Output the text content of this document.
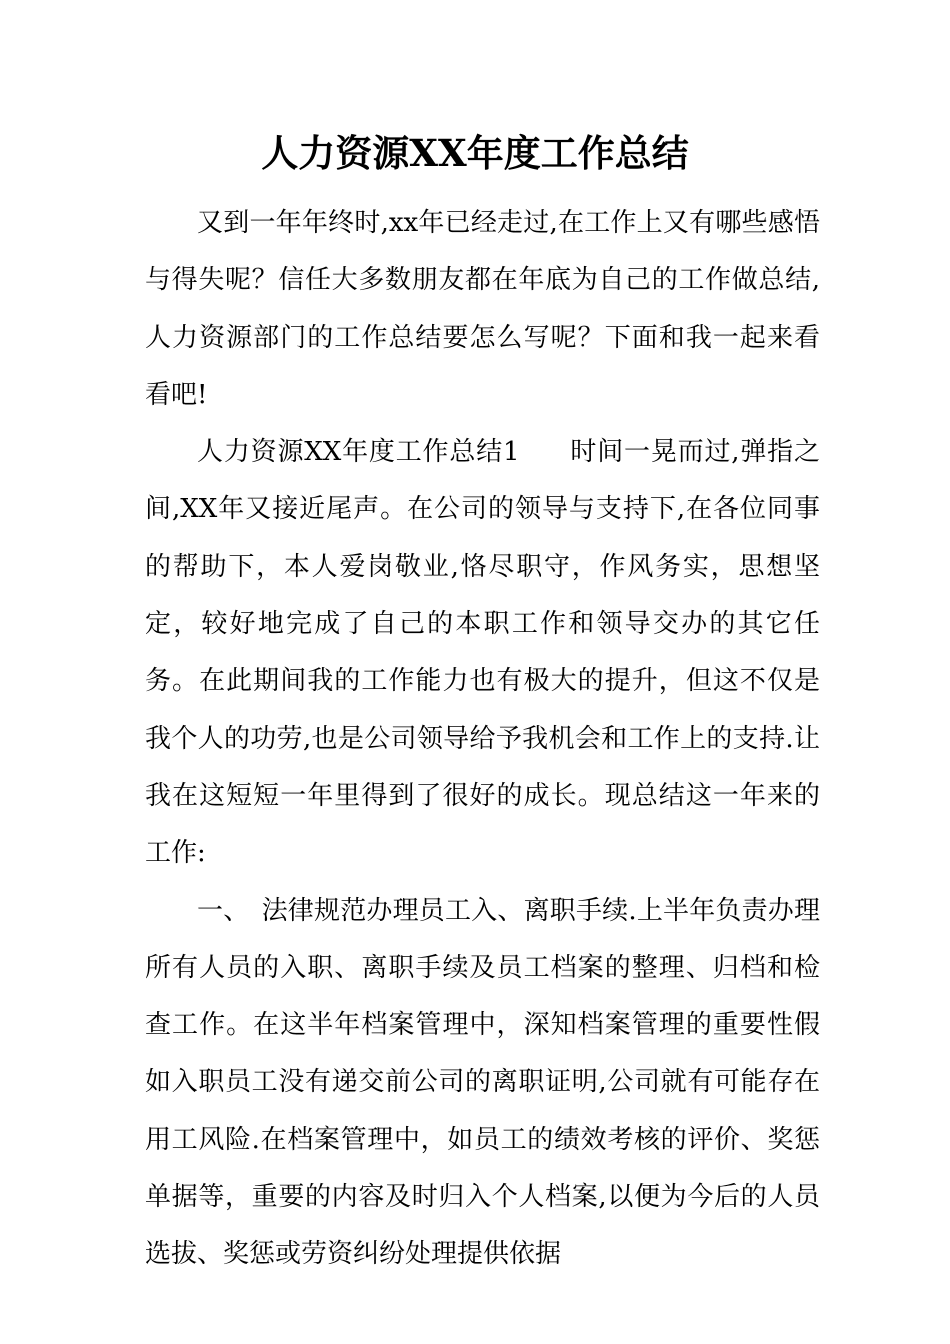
人力资源XX年度工作总结

又到一年年终时,xx年已经走过,在工作上又有哪些感悟与得失呢？信任大多数朋友都在年底为自己的工作做总结,人力资源部门的工作总结要怎么写呢？下面和我一起来看看吧!

人力资源XX年度工作总结1 时间一晃而过,弹指之间,XX年又接近尾声。在公司的领导与支持下,在各位同事的帮助下，本人爱岗敬业,恪尽职守，作风务实，思想坚定，较好地完成了自己的本职工作和领导交办的其它任务。在此期间我的工作能力也有极大的提升，但这不仅是我个人的功劳,也是公司领导给予我机会和工作上的支持.让我在这短短一年里得到了很好的成长。现总结这一年来的工作:

一、 法律规范办理员工入、离职手续.上半年负责办理所有人员的入职、离职手续及员工档案的整理、归档和检查工作。在这半年档案管理中，深知档案管理的重要性假如入职员工没有递交前公司的离职证明,公司就有可能存在用工风险.在档案管理中，如员工的绩效考核的评价、奖惩单据等，重要的内容及时归入个人档案,以便为今后的人员选拔、奖惩或劳资纠纷处理提供依据
